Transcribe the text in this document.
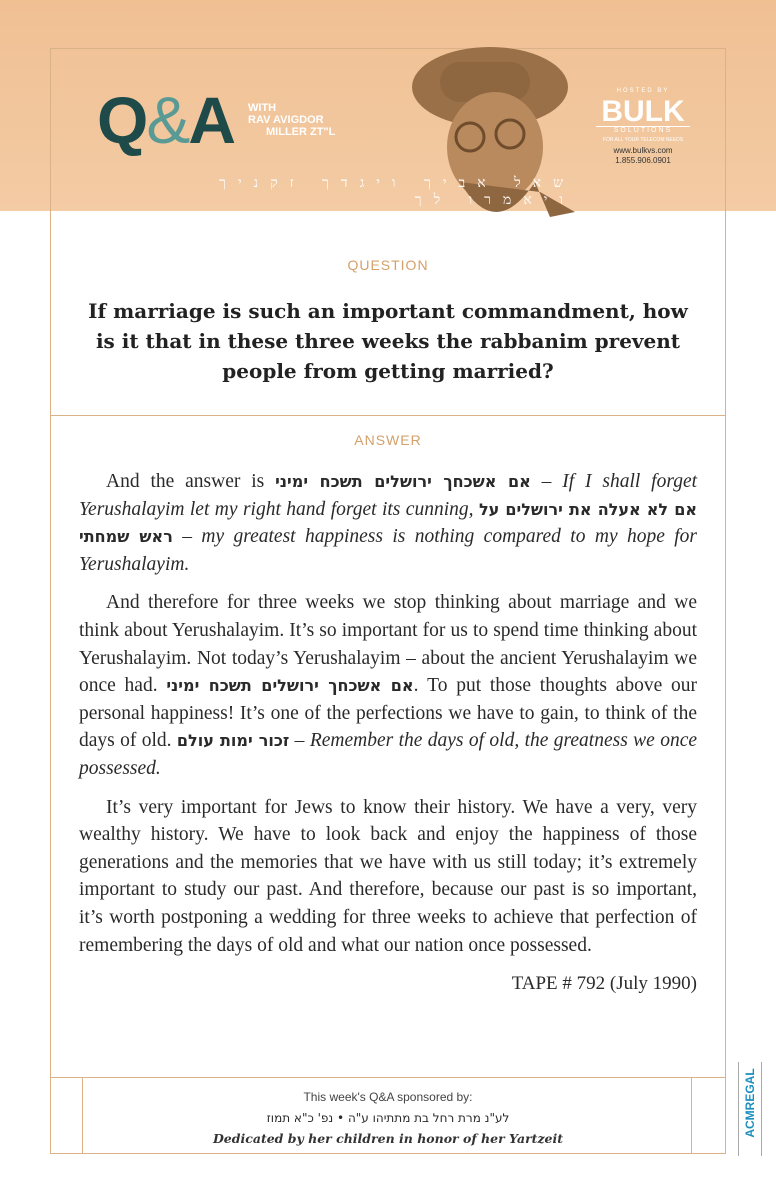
Q&A WITH
RAV AVIGDOR
MILLER ZT"L
שאל אביך ויגדך זקניך ויאמרו לך
HOSTED BY
BULK
SOLUTIONS
FOR ALL YOUR TELECOM NEEDS
www.bulkvs.com
1.855.906.0901
QUESTION
If marriage is such an important commandment, how is it that in these three weeks the rabbanim prevent people from getting married?
ANSWER

And the answer is אם אשכחך ירושלים תשכח ימיני – If I shall forget Yerushalayim let my right hand forget its cunning, אם לא אעלה את ירושלים על ראש שמחתי – my greatest happiness is nothing compared to my hope for Yerushalayim.

And therefore for three weeks we stop thinking about marriage and we think about Yerushalayim. It’s so important for us to spend time thinking about Yerushalayim. Not today’s Yerushalayim – about the ancient Yerushalayim we once had. אם אשכחך ירושלים תשכח ימיני. To put those thoughts above our personal happiness! It’s one of the perfections we have to gain, to think of the days of old. זכור ימות עולם – Remember the days of old, the greatness we once possessed.

It’s very important for Jews to know their history. We have a very, very wealthy history. We have to look back and enjoy the happiness of those generations and the memories that we have with us still today; it’s extremely important to study our past. And therefore, because our past is so important, it’s worth postponing a wedding for three weeks to achieve that perfection of remembering the days of old and what our nation once possessed.

TAPE # 792 (July 1990)
This week's Q&A sponsored by:
לע"נ מרת רחל בת מתתיהו ע"ה • נפ' כ"א תמוז
Dedicated by her children in honor of her Yartzeit
ACMREGAL
